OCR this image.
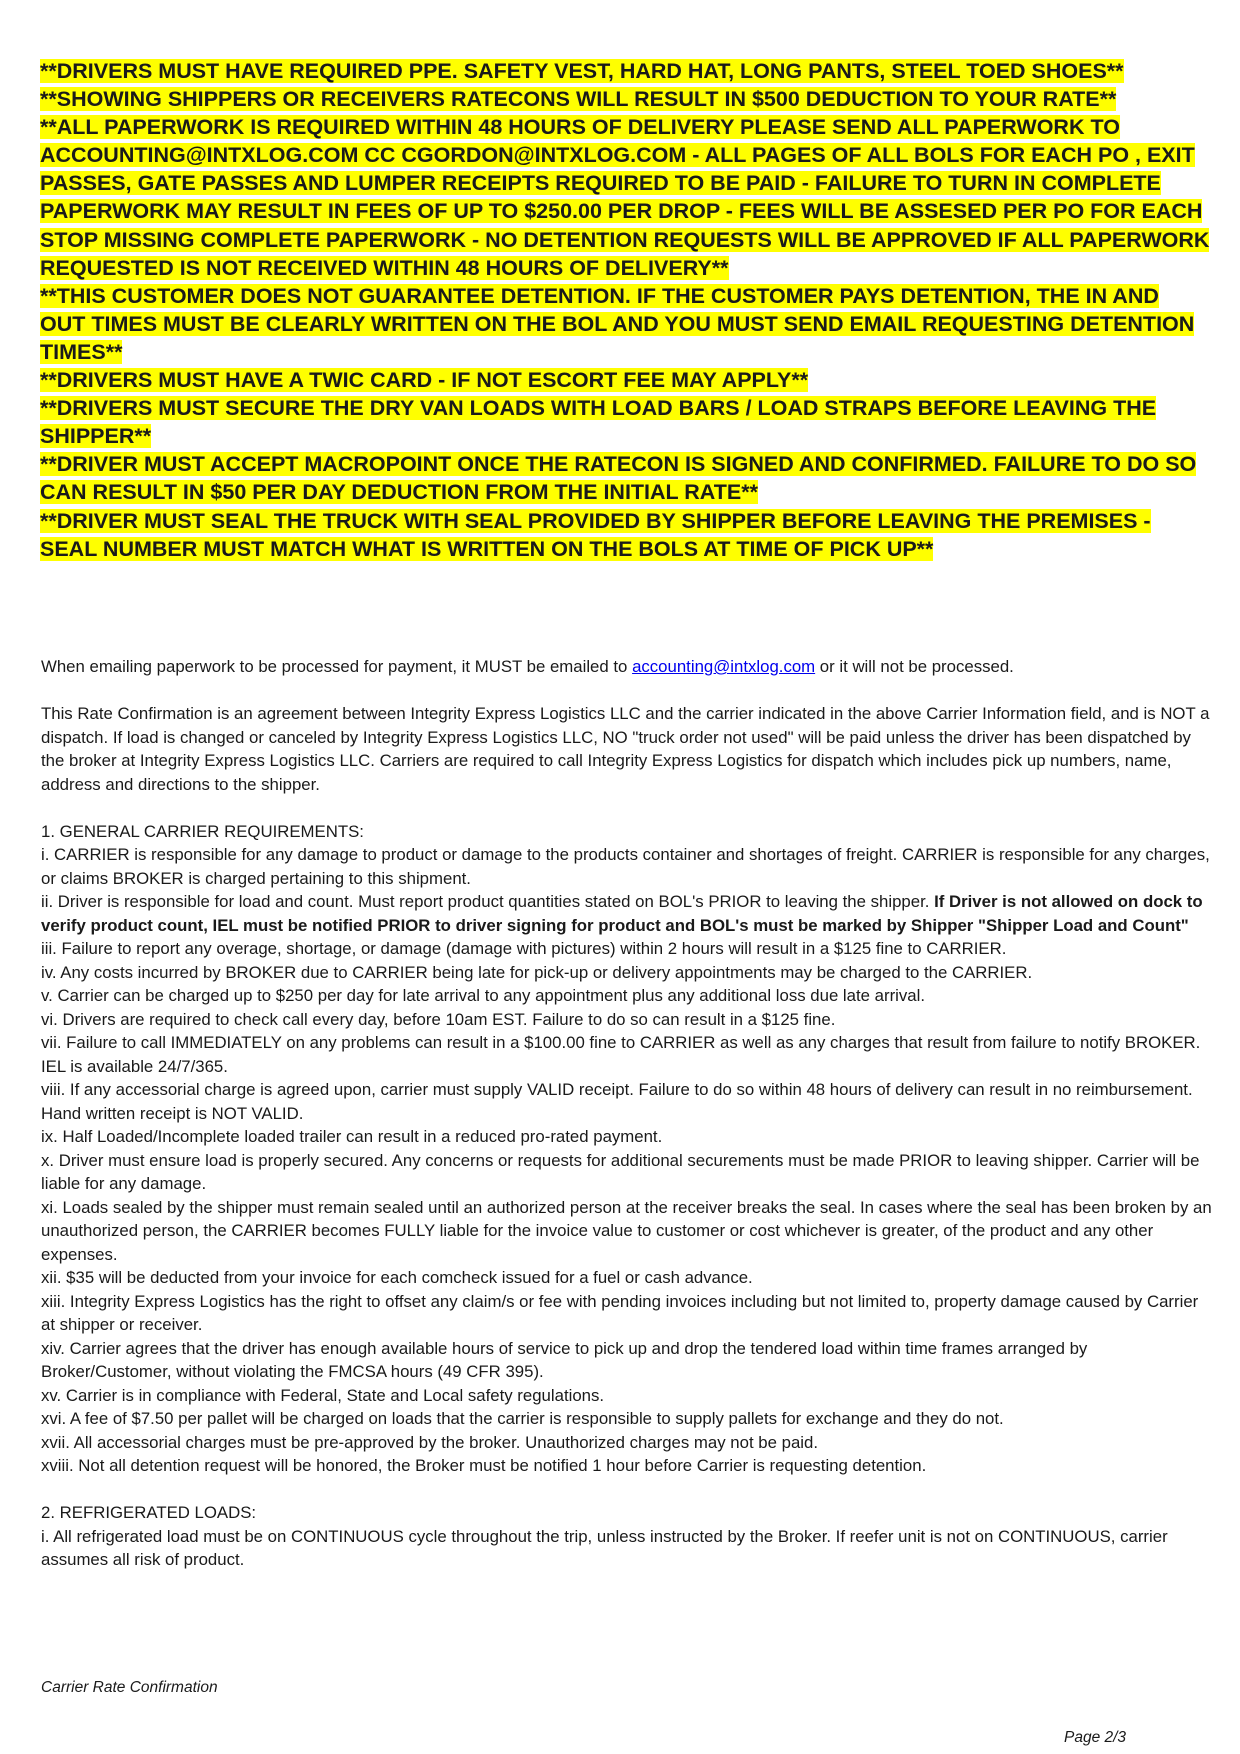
**DRIVERS MUST HAVE REQUIRED PPE. SAFETY VEST, HARD HAT, LONG PANTS, STEEL TOED SHOES**

**SHOWING SHIPPERS OR RECEIVERS RATECONS WILL RESULT IN $500 DEDUCTION TO YOUR RATE**

**ALL PAPERWORK IS REQUIRED WITHIN 48 HOURS OF DELIVERY PLEASE SEND ALL PAPERWORK TO ACCOUNTING@INTXLOG.COM CC CGORDON@INTXLOG.COM - ALL PAGES OF ALL BOLS FOR EACH PO , EXIT PASSES, GATE PASSES AND LUMPER RECEIPTS REQUIRED TO BE PAID - FAILURE TO TURN IN COMPLETE PAPERWORK MAY RESULT IN FEES OF UP TO $250.00 PER DROP - FEES WILL BE ASSESED PER PO FOR EACH STOP MISSING COMPLETE PAPERWORK - NO DETENTION REQUESTS WILL BE APPROVED IF ALL PAPERWORK REQUESTED IS NOT RECEIVED WITHIN 48 HOURS OF DELIVERY**

**THIS CUSTOMER DOES NOT GUARANTEE DETENTION. IF THE CUSTOMER PAYS DETENTION, THE IN AND OUT TIMES MUST BE CLEARLY WRITTEN ON THE BOL AND YOU MUST SEND EMAIL REQUESTING DETENTION TIMES**

**DRIVERS MUST HAVE A TWIC CARD - IF NOT ESCORT FEE MAY APPLY**

**DRIVERS MUST SECURE THE DRY VAN LOADS WITH LOAD BARS / LOAD STRAPS BEFORE LEAVING THE SHIPPER**

**DRIVER MUST ACCEPT MACROPOINT ONCE THE RATECON IS SIGNED AND CONFIRMED. FAILURE TO DO SO CAN RESULT IN $50 PER DAY DEDUCTION FROM THE INITIAL RATE**

**DRIVER MUST SEAL THE TRUCK WITH SEAL PROVIDED BY SHIPPER BEFORE LEAVING THE PREMISES - SEAL NUMBER MUST MATCH WHAT IS WRITTEN ON THE BOLS AT TIME OF PICK UP**

When emailing paperwork to be processed for payment, it MUST be emailed to accounting@intxlog.com or it will not be processed.

This Rate Confirmation is an agreement between Integrity Express Logistics LLC and the carrier indicated in the above Carrier Information field, and is NOT a dispatch. If load is changed or canceled by Integrity Express Logistics LLC, NO "truck order not used" will be paid unless the driver has been dispatched by the broker at Integrity Express Logistics LLC. Carriers are required to call Integrity Express Logistics for dispatch which includes pick up numbers, name, address and directions to the shipper.

1. GENERAL CARRIER REQUIREMENTS:

i. CARRIER is responsible for any damage to product or damage to the products container and shortages of freight. CARRIER is responsible for any charges, or claims BROKER is charged pertaining to this shipment.

ii. Driver is responsible for load and count. Must report product quantities stated on BOL's PRIOR to leaving the shipper. If Driver is not allowed on dock to verify product count, IEL must be notified PRIOR to driver signing for product and BOL's must be marked by Shipper "Shipper Load and Count"

iii. Failure to report any overage, shortage, or damage (damage with pictures) within 2 hours will result in a $125 fine to CARRIER.

iv. Any costs incurred by BROKER due to CARRIER being late for pick-up or delivery appointments may be charged to the CARRIER.

v. Carrier can be charged up to $250 per day for late arrival to any appointment plus any additional loss due late arrival.

vi. Drivers are required to check call every day, before 10am EST. Failure to do so can result in a $125 fine.

vii. Failure to call IMMEDIATELY on any problems can result in a $100.00 fine to CARRIER as well as any charges that result from failure to notify BROKER. IEL is available 24/7/365.

viii. If any accessorial charge is agreed upon, carrier must supply VALID receipt. Failure to do so within 48 hours of delivery can result in no reimbursement. Hand written receipt is NOT VALID.

ix. Half Loaded/Incomplete loaded trailer can result in a reduced pro-rated payment.

x. Driver must ensure load is properly secured. Any concerns or requests for additional securements must be made PRIOR to leaving shipper. Carrier will be liable for any damage.

xi. Loads sealed by the shipper must remain sealed until an authorized person at the receiver breaks the seal. In cases where the seal has been broken by an unauthorized person, the CARRIER becomes FULLY liable for the invoice value to customer or cost whichever is greater, of the product and any other expenses.

xii. $35 will be deducted from your invoice for each comcheck issued for a fuel or cash advance.

xiii. Integrity Express Logistics has the right to offset any claim/s or fee with pending invoices including but not limited to, property damage caused by Carrier at shipper or receiver.

xiv. Carrier agrees that the driver has enough available hours of service to pick up and drop the tendered load within time frames arranged by Broker/Customer, without violating the FMCSA hours (49 CFR 395).

xv. Carrier is in compliance with Federal, State and Local safety regulations.

xvi. A fee of $7.50 per pallet will be charged on loads that the carrier is responsible to supply pallets for exchange and they do not.

xvii. All accessorial charges must be pre-approved by the broker. Unauthorized charges may not be paid.

xviii. Not all detention request will be honored, the Broker must be notified 1 hour before Carrier is requesting detention.

2. REFRIGERATED LOADS:

i. All refrigerated load must be on CONTINUOUS cycle throughout the trip, unless instructed by the Broker. If reefer unit is not on CONTINUOUS, carrier assumes all risk of product.

Carrier Rate Confirmation
Page 2/3
